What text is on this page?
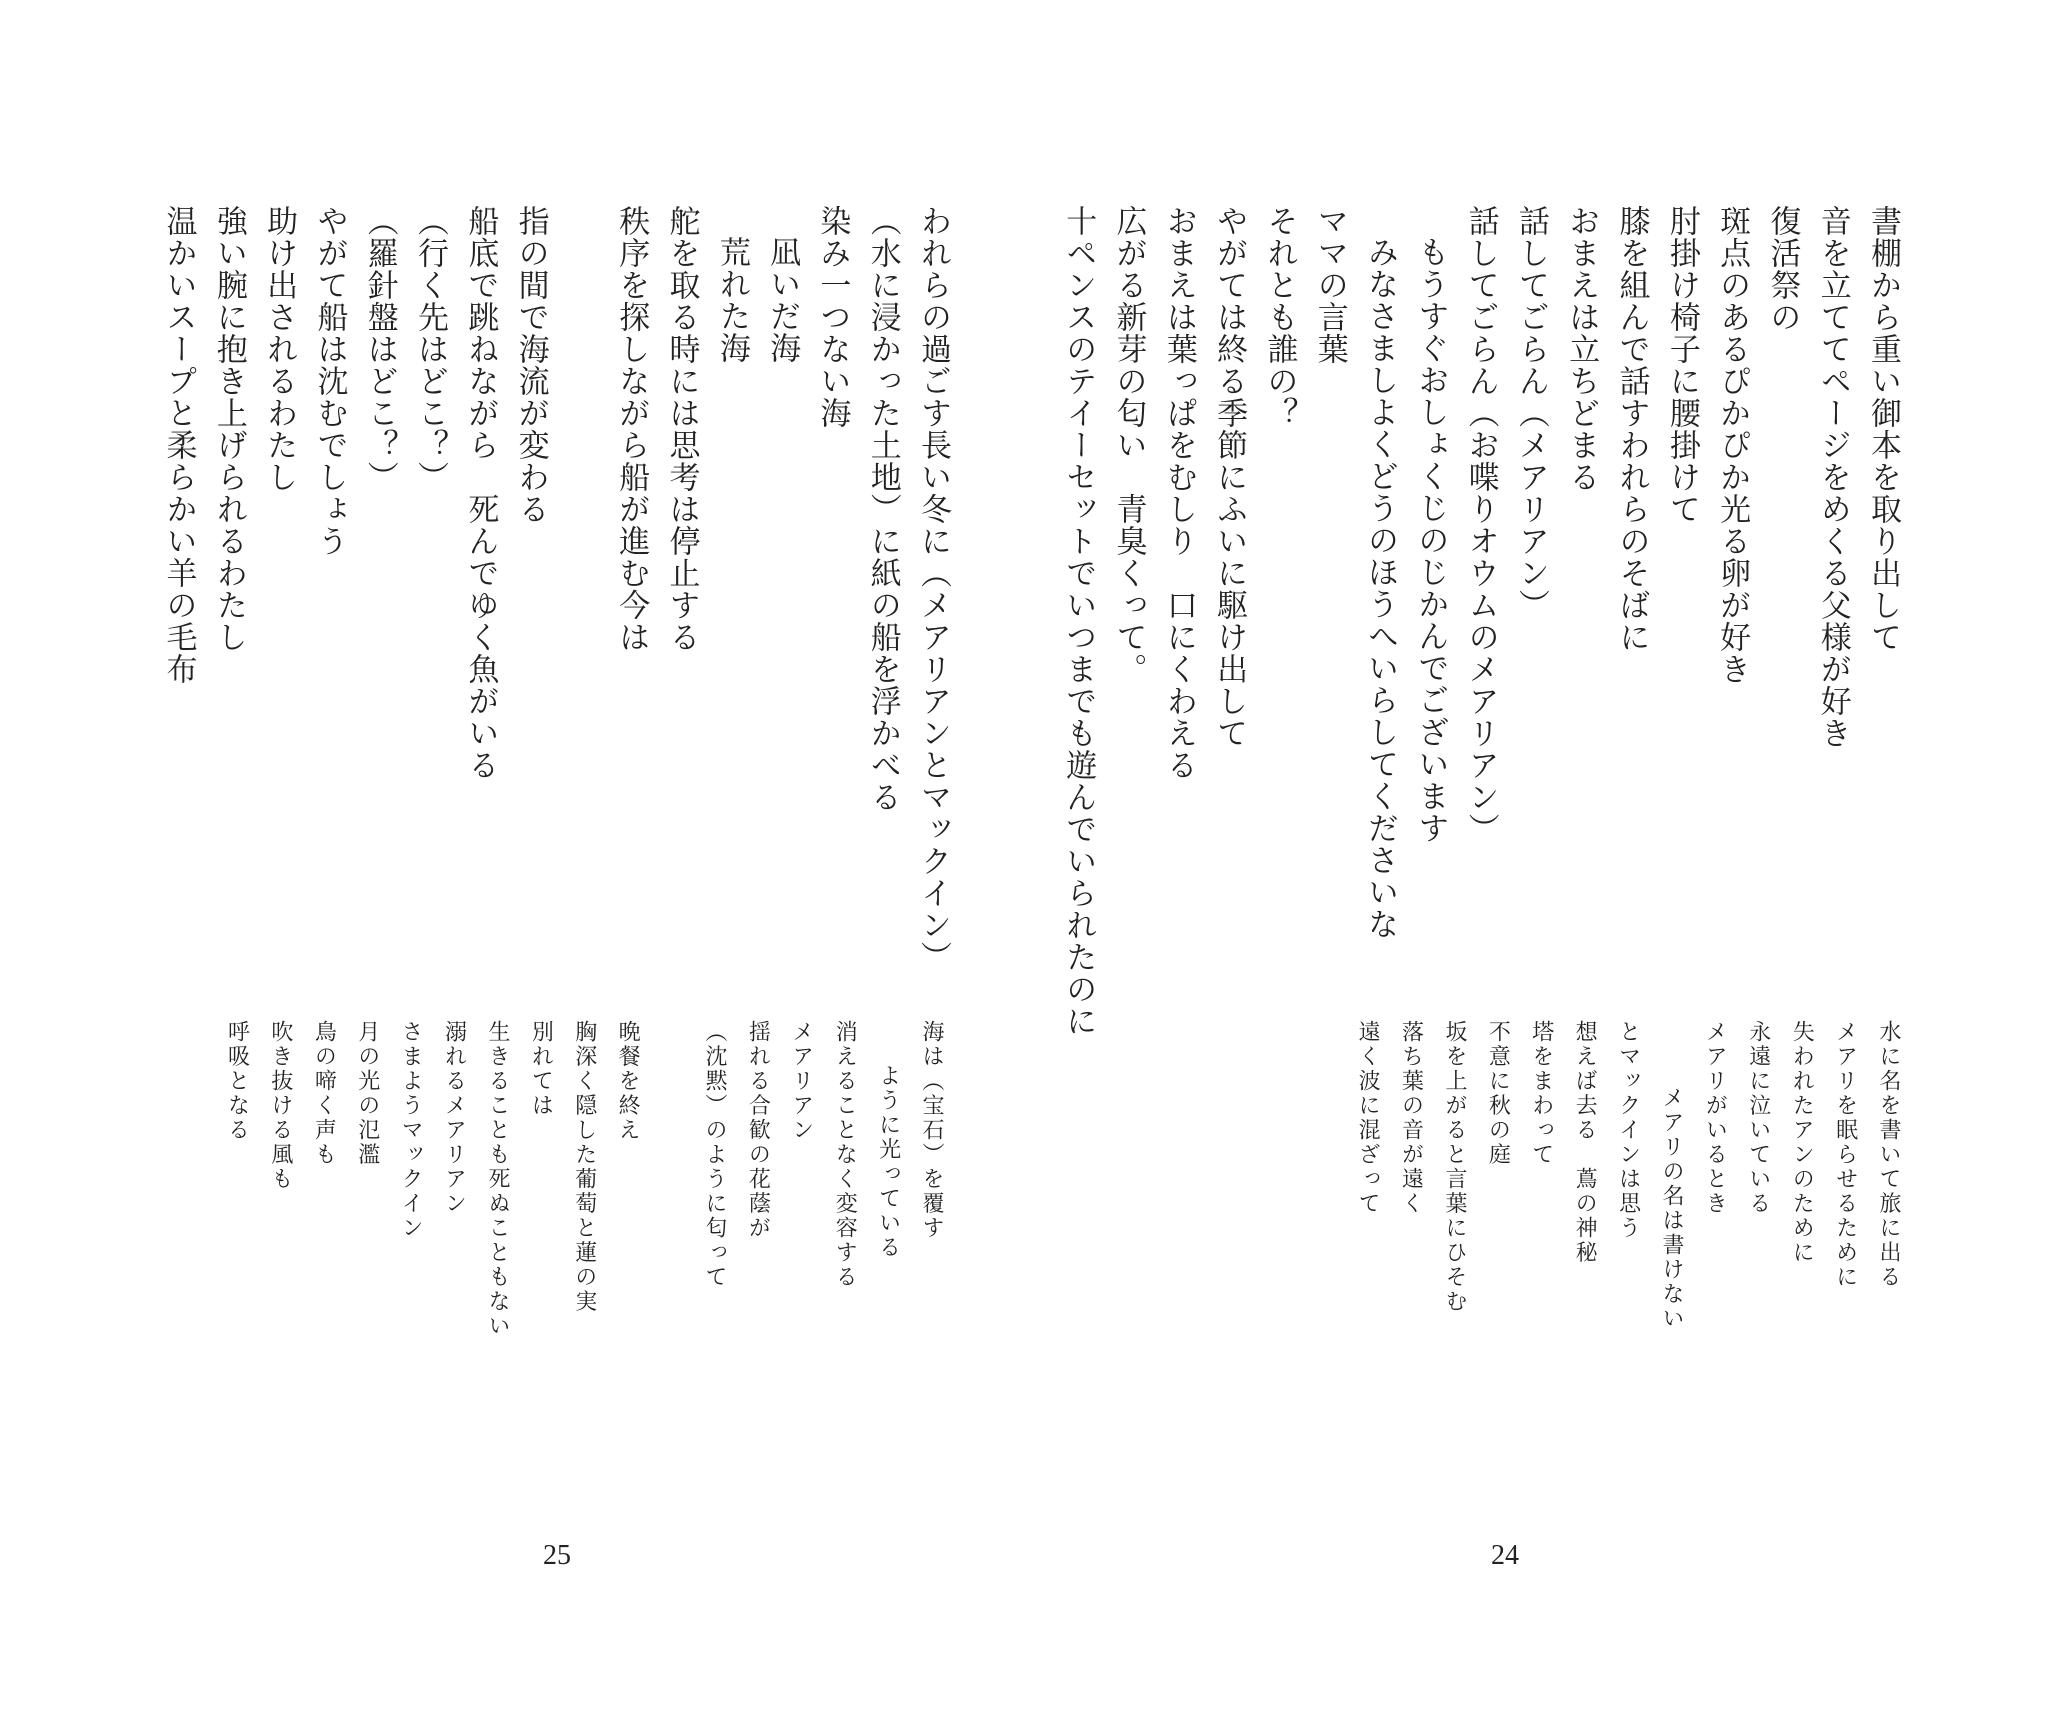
書棚から重い御本を取り出して

音を立ててページをめくる父様が好き

復活祭の

斑点のあるぴかぴか光る卵が好き

肘掛け椅子に腰掛けて

膝を組んで話すわれらのそばに

おまえは立ちどまる

話してごらん（メアリアン）

話してごらん（お喋りオウムのメアリアン）

もうすぐおしょくじのじかんでございます

みなさましよくどうのほうへいらしてくださいな

ママの言葉

それとも誰の？

やがては終る季節にふいに駆け出して

おまえは葉っぱをむしり　口にくわえる

広がる新芽の匂い　青臭くって。

十ペンスのテイーセットでいつまでも遊んでいられたのに

水に名を書いて旅に出る

メアリを眠らせるために

失われたアンのために

永遠に泣いている

メアリがいるとき

メアリの名は書けない

とマックインは思う

想えば去る　蔦の神秘

塔をまわって

不意に秋の庭

坂を上がると言葉にひそむ

落ち葉の音が遠く

遠く波に混ざって

われらの過ごす長い冬に（メアリアンとマックイン）

（水に浸かった土地）に紙の船を浮かべる

染み一つない海

凪いだ海

荒れた海

舵を取る時には思考は停止する

秩序を探しながら船が進む今は

指の間で海流が変わる

船底で跳ねながら　死んでゆく魚がいる

（行く先はどこ？）

（羅針盤はどこ？）

やがて船は沈むでしょう

助け出されるわたし

強い腕に抱き上げられるわたし

温かいスープと柔らかい羊の毛布

海は（宝石）を覆す

ように光っている

消えることなく変容する

メアリアン

揺れる合歓の花蔭が

（沈黙）のように匂って

晩餐を終え

胸深く隠した葡萄と蓮の実

別れては

生きることも死ぬこともない

溺れるメアリアン

さまようマックイン

月の光の氾濫

鳥の啼く声も

吹き抜ける風も

呼吸となる

24
25
